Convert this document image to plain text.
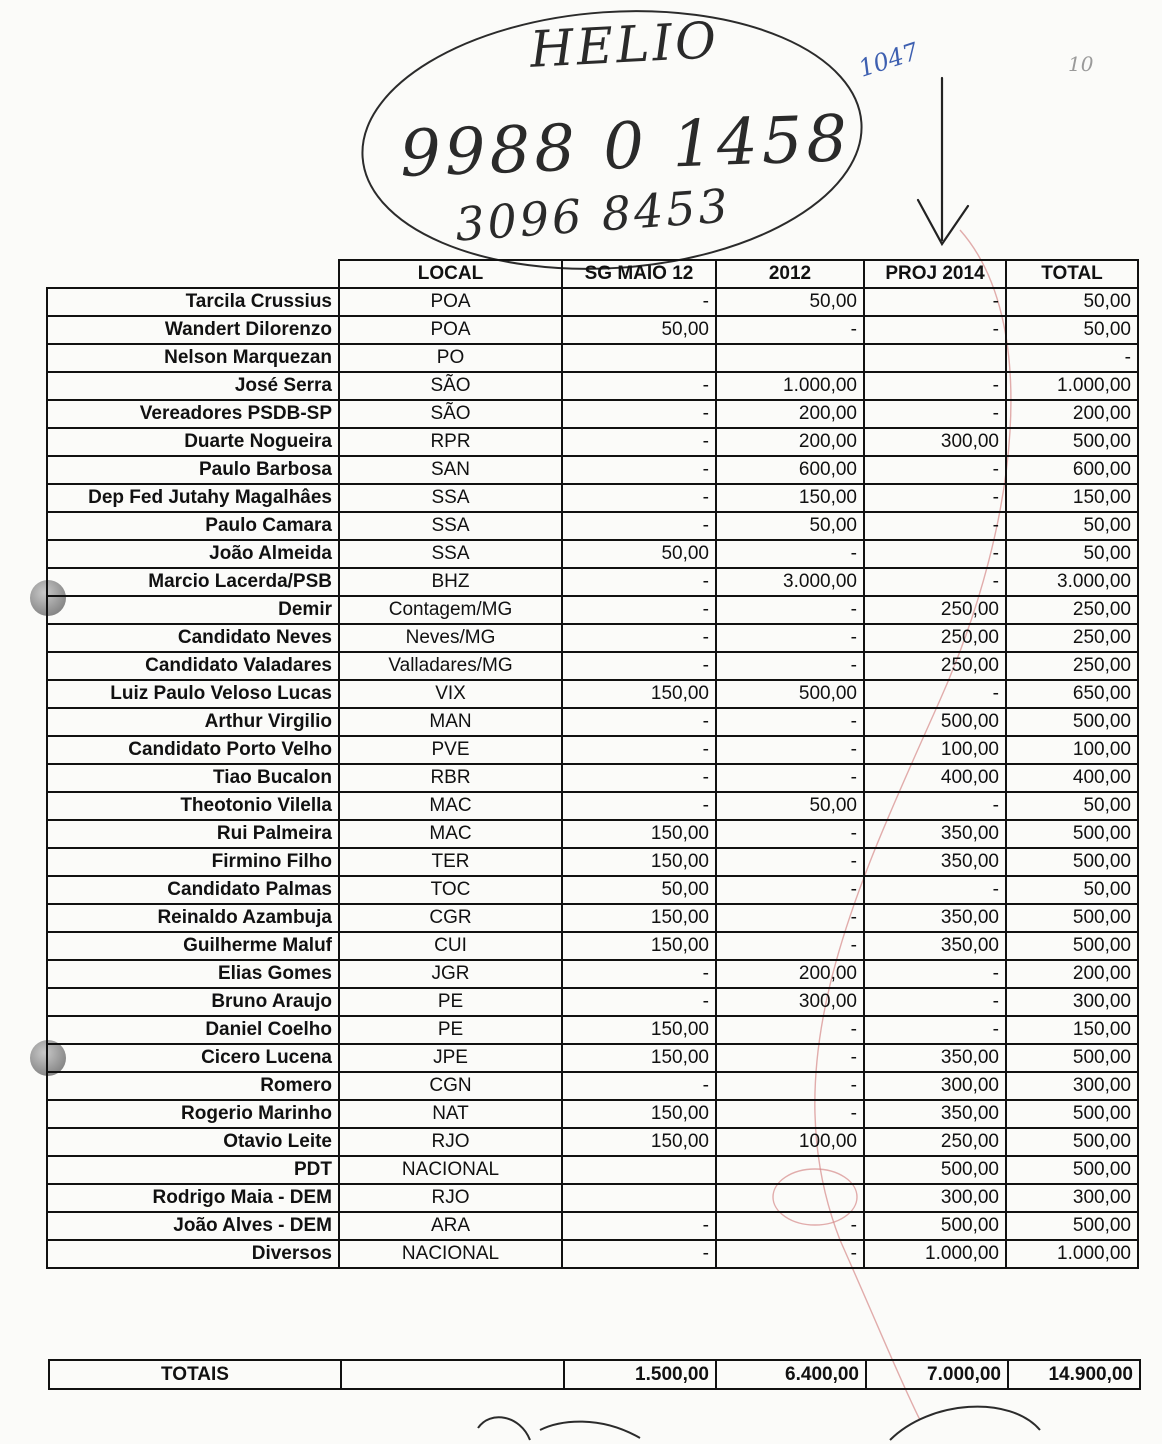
HELIO
9988 0 1458
3096 8453
1047	10
	LOCAL	SG MAIO 12	2012	PROJ 2014	TOTAL
Tarcila Crussius	POA	-	50,00	-	50,00
Wandert Dilorenzo	POA	50,00	-	-	50,00
Nelson Marquezan	PO				-
José Serra	SÃO	-	1.000,00	-	1.000,00
Vereadores PSDB-SP	SÃO	-	200,00	-	200,00
Duarte Nogueira	RPR	-	200,00	300,00	500,00
Paulo Barbosa	SAN	-	600,00	-	600,00
Dep Fed Jutahy Magalhâes	SSA	-	150,00	-	150,00
Paulo Camara	SSA	-	50,00	-	50,00
João Almeida	SSA	50,00	-	-	50,00
Marcio Lacerda/PSB	BHZ	-	3.000,00	-	3.000,00
Demir	Contagem/MG	-	-	250,00	250,00
Candidato Neves	Neves/MG	-	-	250,00	250,00
Candidato Valadares	Valladares/MG	-	-	250,00	250,00
Luiz Paulo Veloso Lucas	VIX	150,00	500,00	-	650,00
Arthur Virgilio	MAN	-	-	500,00	500,00
Candidato Porto Velho	PVE	-	-	100,00	100,00
Tiao Bucalon	RBR	-	-	400,00	400,00
Theotonio Vilella	MAC	-	50,00	-	50,00
Rui Palmeira	MAC	150,00	-	350,00	500,00
Firmino Filho	TER	150,00	-	350,00	500,00
Candidato Palmas	TOC	50,00	-	-	50,00
Reinaldo Azambuja	CGR	150,00	-	350,00	500,00
Guilherme Maluf	CUI	150,00	-	350,00	500,00
Elias Gomes	JGR	-	200,00	-	200,00
Bruno Araujo	PE	-	300,00	-	300,00
Daniel Coelho	PE	150,00	-	-	150,00
Cicero Lucena	JPE	150,00	-	350,00	500,00
Romero	CGN	-	-	300,00	300,00
Rogerio Marinho	NAT	150,00	-	350,00	500,00
Otavio Leite	RJO	150,00	100,00	250,00	500,00
PDT	NACIONAL			500,00	500,00
Rodrigo Maia - DEM	RJO			300,00	300,00
João Alves - DEM	ARA	-	-	500,00	500,00
Diversos	NACIONAL	-	-	1.000,00	1.000,00
TOTAIS		1.500,00	6.400,00	7.000,00	14.900,00
